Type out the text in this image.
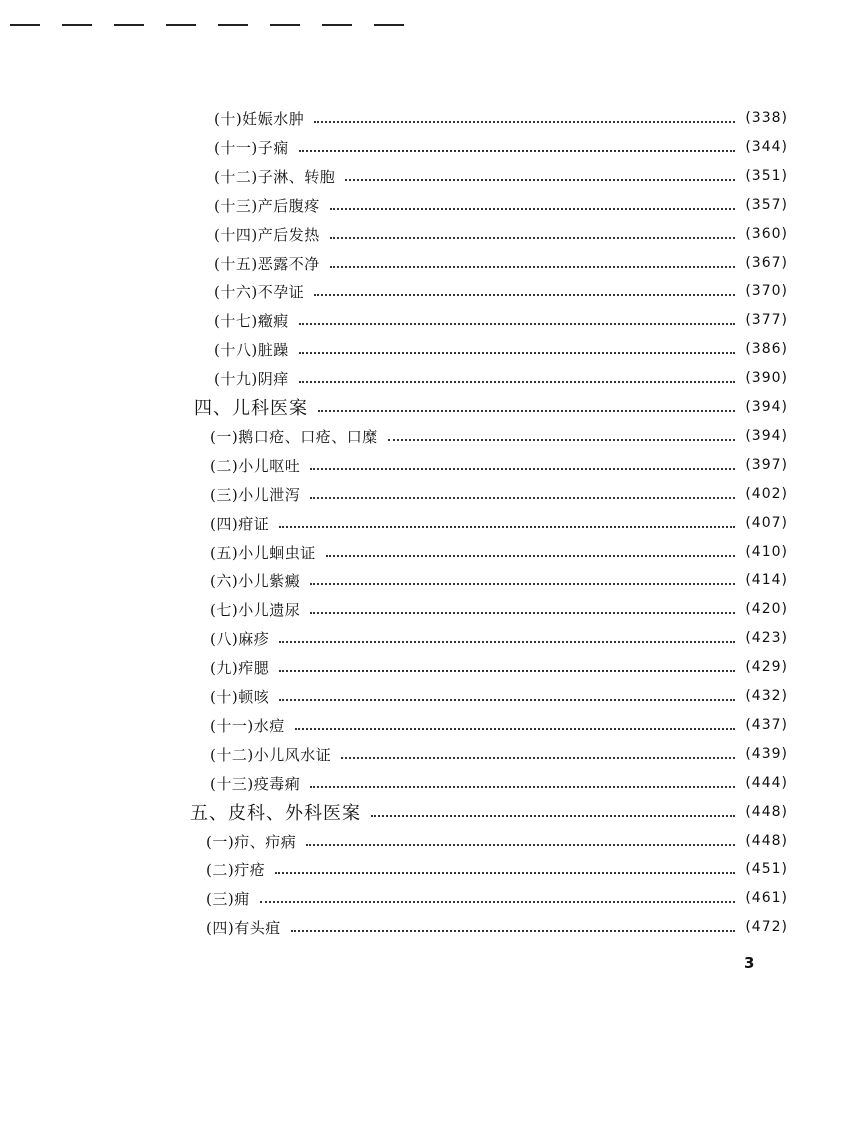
(十)妊娠水肿	(338)
(十一)子痫	(344)
(十二)子淋、转胞	(351)
(十三)产后腹疼	(357)
(十四)产后发热	(360)
(十五)恶露不净	(367)
(十六)不孕证	(370)
(十七)癥瘕	(377)
(十八)脏躁	(386)
(十九)阴痒	(390)
四、儿科医案	(394)
(一)鹅口疮、口疮、口糜	(394)
(二)小儿呕吐	(397)
(三)小儿泄泻	(402)
(四)疳证	(407)
(五)小儿蛔虫证	(410)
(六)小儿紫癜	(414)
(七)小儿遗尿	(420)
(八)麻疹	(423)
(九)痄腮	(429)
(十)顿咳	(432)
(十一)水痘	(437)
(十二)小儿风水证	(439)
(十三)疫毒痢	(444)
五、皮科、外科医案	(448)
(一)疖、疖病	(448)
(二)疔疮	(451)
(三)痈	(461)
(四)有头疽	(472)
3
